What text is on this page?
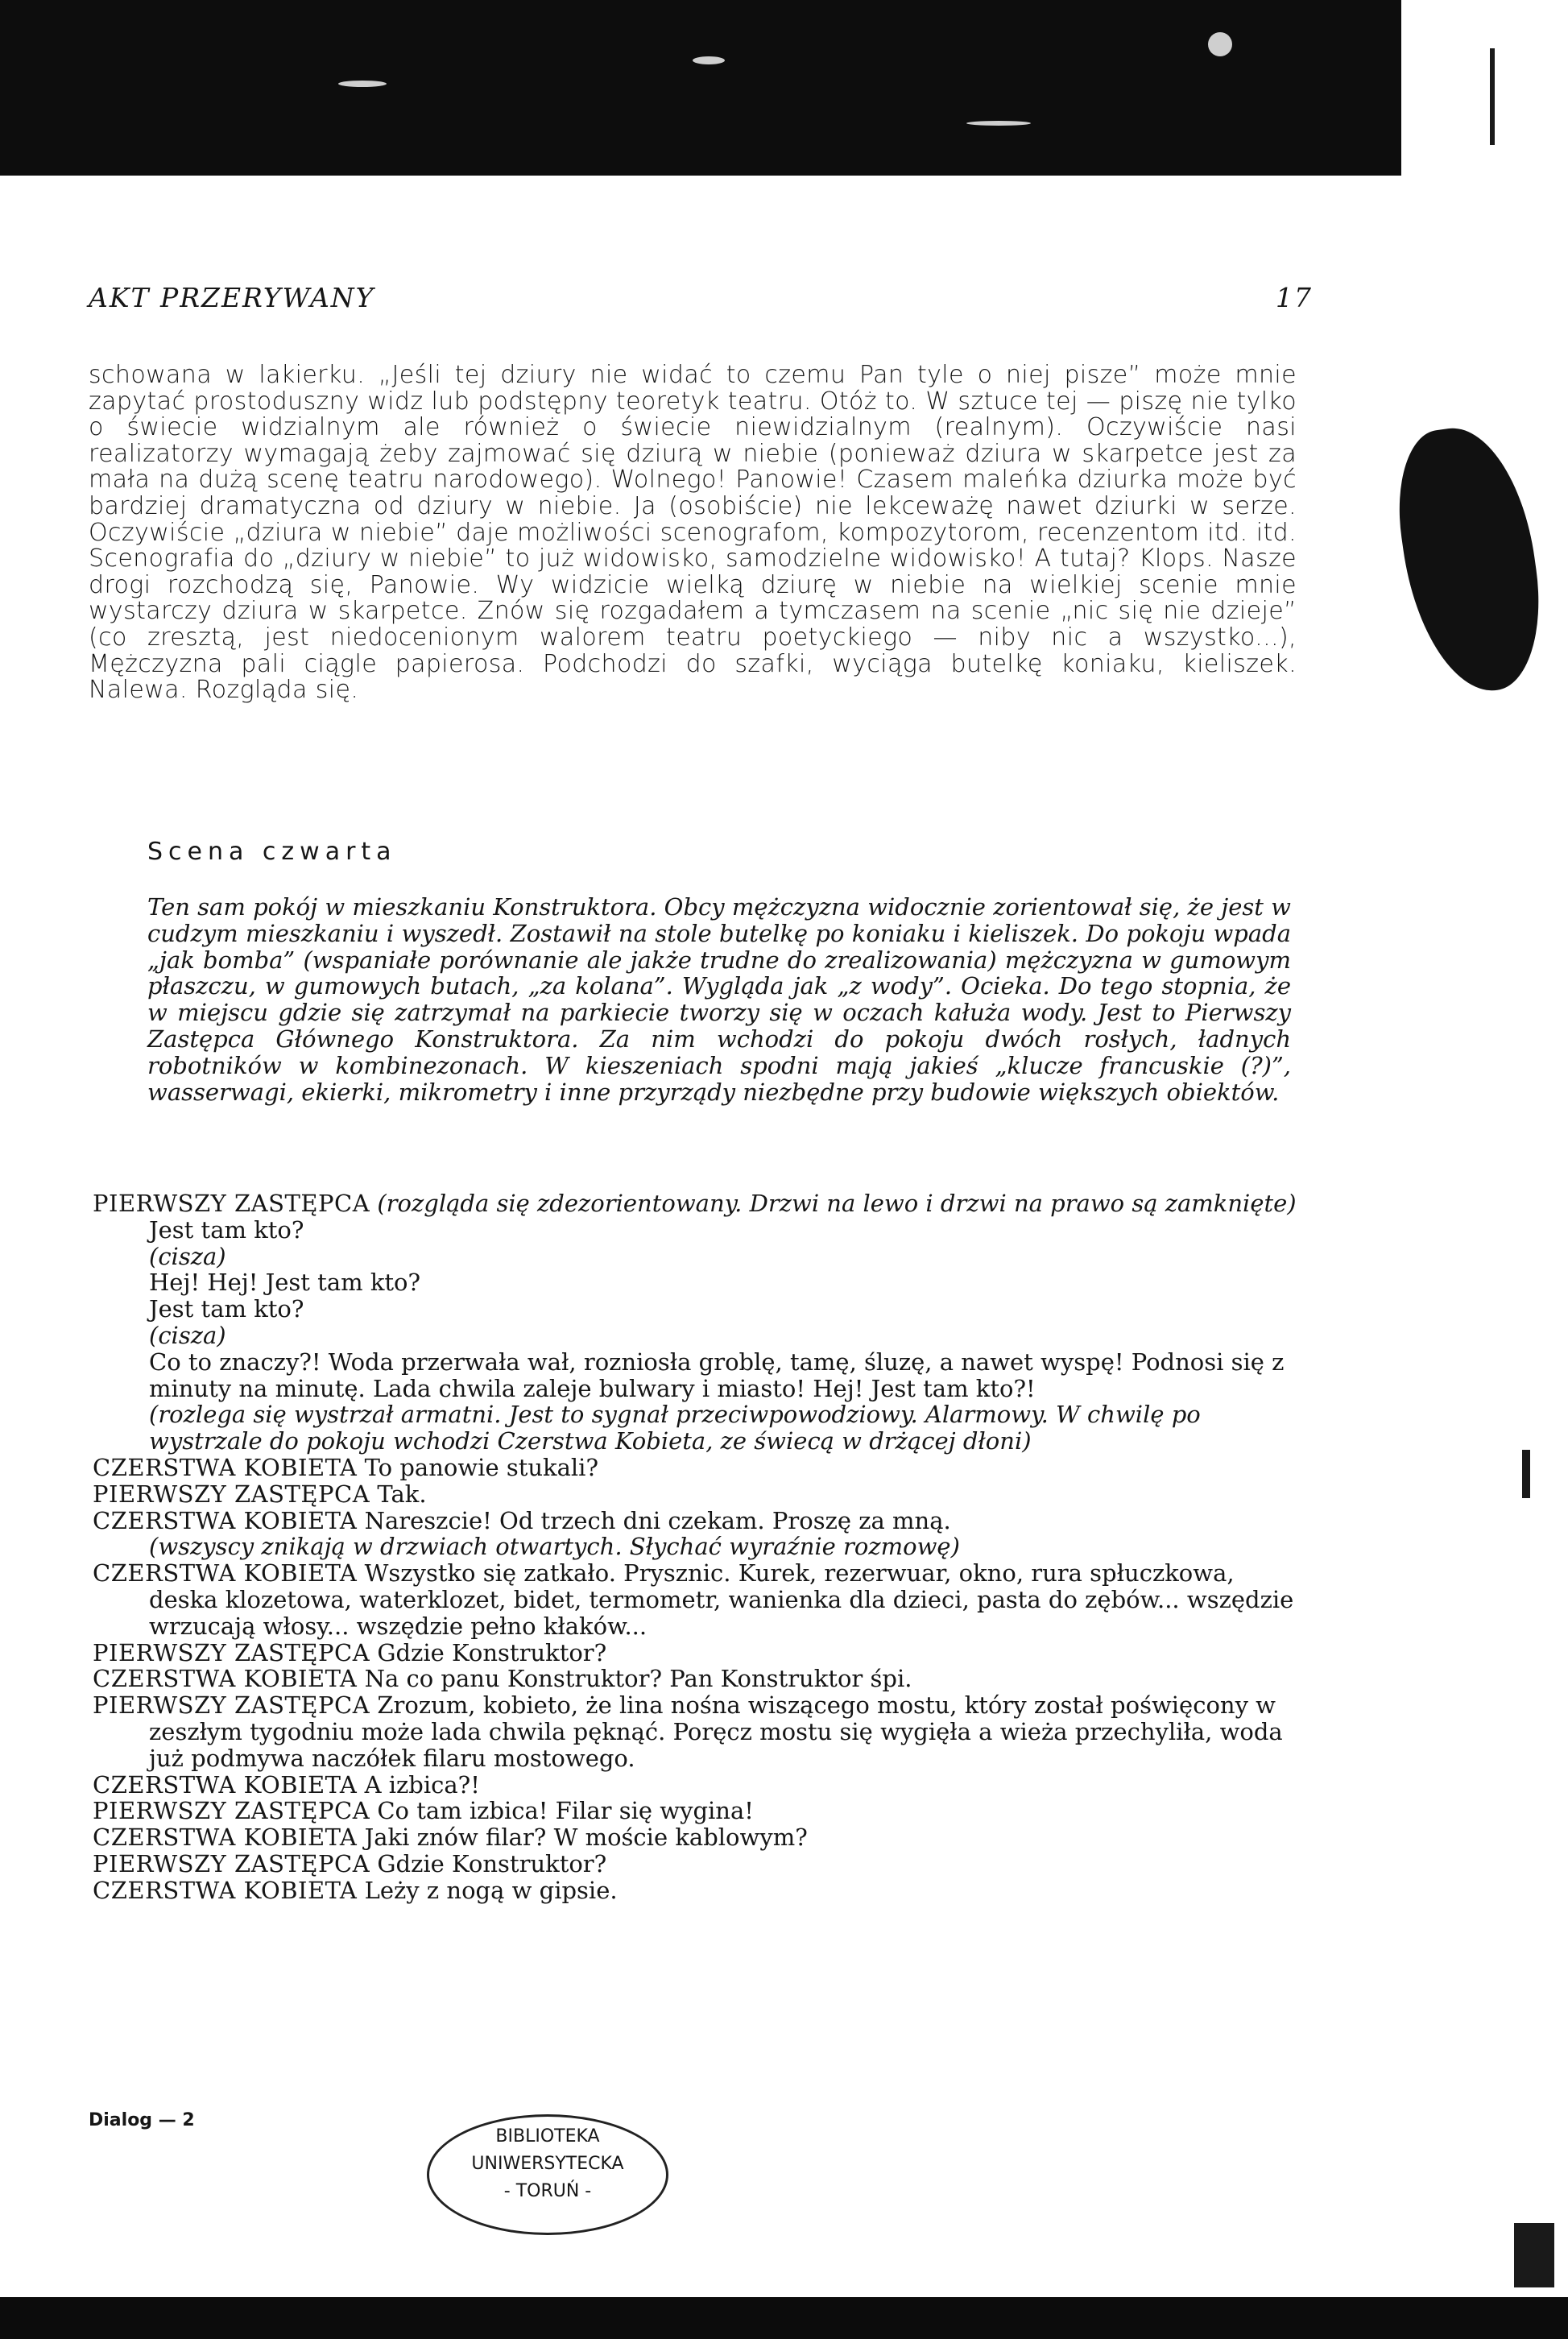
AKT PRZERYWANY	17
schowana w lakierku. „Jeśli tej dziury nie widać to czemu Pan tyle o niej pisze” może mnie zapytać prostoduszny widz lub podstępny teoretyk teatru. Otóż to. W sztuce tej — piszę nie tylko o świecie widzialnym ale również o świecie niewidzialnym (realnym). Oczywiście nasi realizatorzy wymagają żeby zajmować się dziurą w niebie (ponieważ dziura w skarpetce jest za mała na dużą scenę teatru narodowego). Wolnego! Panowie! Czasem maleńka dziurka może być bardziej dramatyczna od dziury w niebie. Ja (osobiście) nie lekceważę nawet dziurki w serze. Oczywiście „dziura w niebie” daje możliwości scenografom, kompozytorom, recenzentom itd. itd. Scenografia do „dziury w niebie” to już widowisko, samodzielne widowisko! A tutaj? Klops. Nasze drogi rozchodzą się, Panowie. Wy widzicie wielką dziurę w niebie na wielkiej scenie mnie wystarczy dziura w skarpetce. Znów się rozgadałem a tymczasem na scenie „nic się nie dzieje” (co zresztą, jest niedocenionym walorem teatru poetyckiego — niby nic a wszystko...), Mężczyzna pali ciągle papierosa. Podchodzi do szafki, wyciąga butelkę koniaku, kieliszek. Nalewa. Rozgląda się.
Scena czwarta
Ten sam pokój w mieszkaniu Konstruktora. Obcy mężczyzna widocznie zorientował się, że jest w cudzym mieszkaniu i wyszedł. Zostawił na stole butelkę po koniaku i kieliszek. Do pokoju wpada „jak bomba” (wspaniałe porównanie ale jakże trudne do zrealizowania) mężczyzna w gumowym płaszczu, w gumowych butach, „za kolana”. Wygląda jak „z wody”. Ocieka. Do tego stopnia, że w miejscu gdzie się zatrzymał na parkiecie tworzy się w oczach kałuża wody. Jest to Pierwszy Zastępca Głównego Konstruktora. Za nim wchodzi do pokoju dwóch rosłych, ładnych robotników w kombinezonach. W kieszeniach spodni mają jakieś „klucze francuskie (?)”, wasserwagi, ekierki, mikrometry i inne przyrządy niezbędne przy budowie większych obiektów.
PIERWSZY ZASTĘPCA (rozgląda się zdezorientowany. Drzwi na lewo i drzwi na prawo są zamknięte)
Jest tam kto?
(cisza)
Hej! Hej! Jest tam kto?
Jest tam kto?
(cisza)
Co to znaczy?! Woda przerwała wał, rozniosła groblę, tamę, śluzę, a nawet wyspę! Podnosi się z minuty na minutę. Lada chwila zaleje bulwary i miasto! Hej! Jest tam kto?!
(rozlega się wystrzał armatni. Jest to sygnał przeciwpowodziowy. Alarmowy. W chwilę po wystrzale do pokoju wchodzi Czerstwa Kobieta, ze świecą w drżącej dłoni)
CZERSTWA KOBIETA To panowie stukali?
PIERWSZY ZASTĘPCA Tak.
CZERSTWA KOBIETA Nareszcie! Od trzech dni czekam. Proszę za mną.
(wszyscy znikają w drzwiach otwartych. Słychać wyraźnie rozmowę)
CZERSTWA KOBIETA Wszystko się zatkało. Prysznic. Kurek, rezerwuar, okno, rura spłuczkowa, deska klozetowa, waterklozet, bidet, termometr, wanienka dla dzieci, pasta do zębów... wszędzie wrzucają włosy... wszędzie pełno kłaków...
PIERWSZY ZASTĘPCA Gdzie Konstruktor?
CZERSTWA KOBIETA Na co panu Konstruktor? Pan Konstruktor śpi.
PIERWSZY ZASTĘPCA Zrozum, kobieto, że lina nośna wiszącego mostu, który został poświęcony w zeszłym tygodniu może lada chwila pęknąć. Poręcz mostu się wygięła a wieża przechyliła, woda już podmywa naczółek filaru mostowego.
CZERSTWA KOBIETA A izbica?!
PIERWSZY ZASTĘPCA Co tam izbica! Filar się wygina!
CZERSTWA KOBIETA Jaki znów filar? W moście kablowym?
PIERWSZY ZASTĘPCA Gdzie Konstruktor?
CZERSTWA KOBIETA Leży z nogą w gipsie.
Dialog — 2
BIBLIOTEKA
UNIWERSYTECKA
- TORUŃ -
